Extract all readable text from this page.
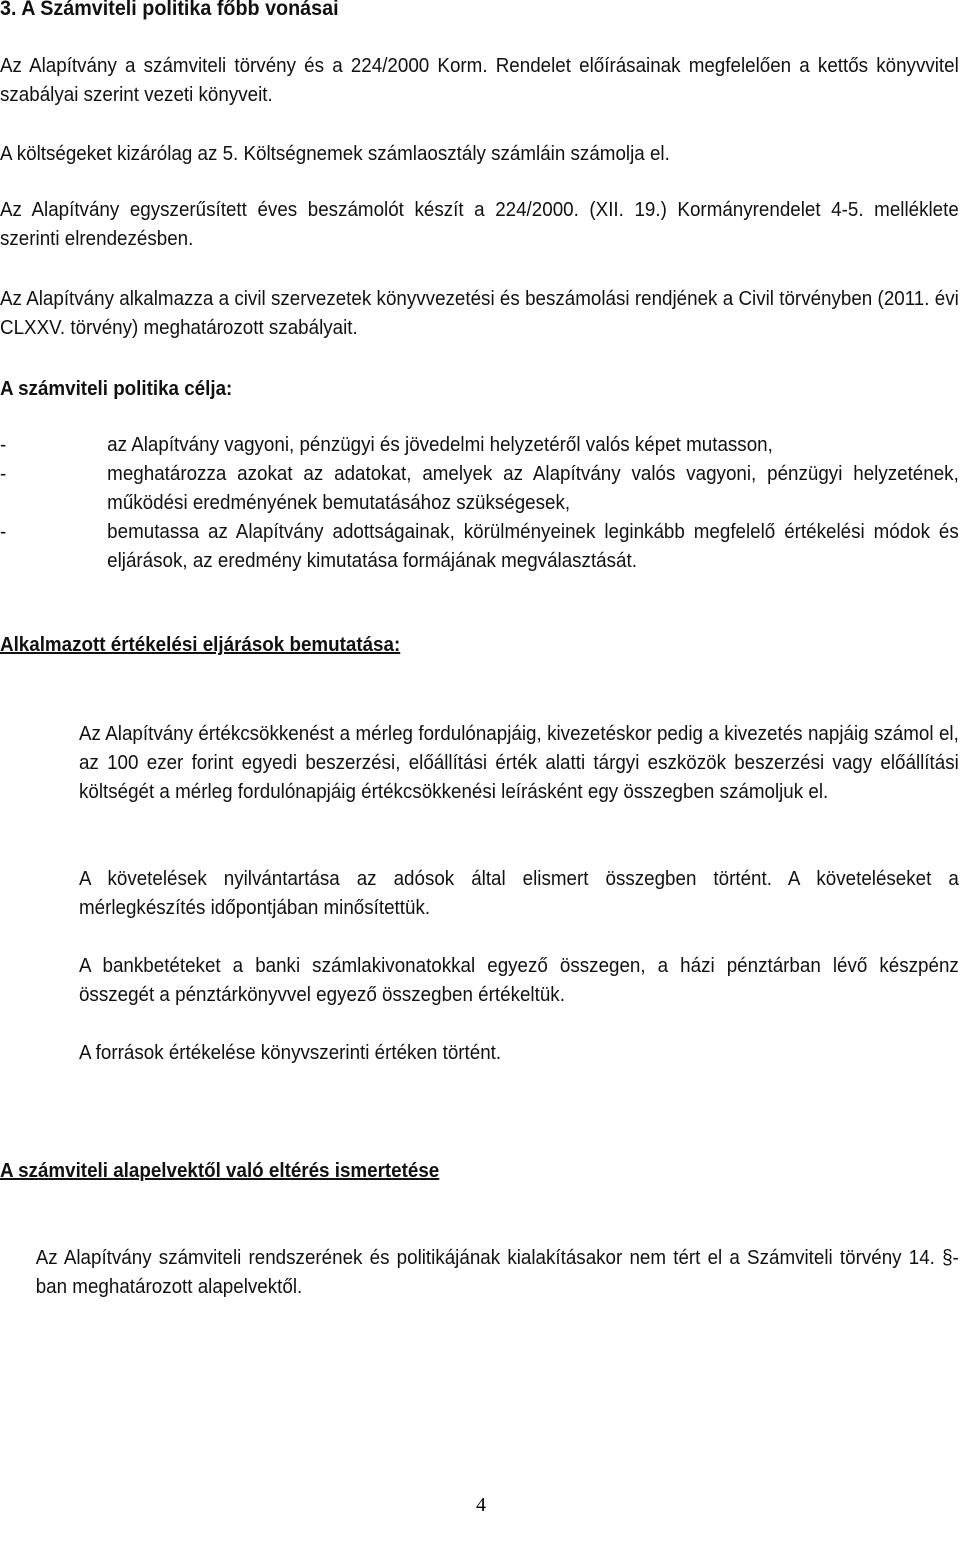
3. A Számviteli politika főbb vonásai

Az Alapítvány a számviteli törvény és a 224/2000 Korm. Rendelet előírásainak megfelelően a kettős könyvvitel szabályai szerint vezeti könyveit.

A költségeket kizárólag az 5. Költségnemek számlaosztály számláin számolja el.

Az Alapítvány egyszerűsített éves beszámolót készít a 224/2000. (XII. 19.) Kormányrendelet 4-5. melléklete szerinti elrendezésben.

Az Alapítvány alkalmazza a civil szervezetek könyvvezetési és beszámolási rendjének a Civil törvényben (2011. évi CLXXV. törvény) meghatározott szabályait.

A számviteli politika célja:
-	az Alapítvány vagyoni, pénzügyi és jövedelmi helyzetéről valós képet mutasson,
-	meghatározza azokat az adatokat, amelyek az Alapítvány valós vagyoni, pénzügyi helyzetének, működési eredményének bemutatásához szükségesek,
-	bemutassa az Alapítvány adottságainak, körülményeinek leginkább megfelelő értékelési módok és eljárások, az eredmény kimutatása formájának megválasztását.
Alkalmazott értékelési eljárások bemutatása:

Az Alapítvány értékcsökkenést a mérleg fordulónapjáig, kivezetéskor pedig a kivezetés napjáig számol el, az 100 ezer forint egyedi beszerzési, előállítási érték alatti tárgyi eszközök beszerzési vagy előállítási költségét a mérleg fordulónapjáig értékcsökkenési leírásként egy összegben számoljuk el.

A követelések nyilvántartása az adósok által elismert összegben történt. A követeléseket a mérlegkészítés időpontjában minősítettük.

A bankbetéteket a banki számlakivonatokkal egyező összegen, a házi pénztárban lévő készpénz összegét a pénztárkönyvvel egyező összegben értékeltük.

A források értékelése könyvszerinti értéken történt.

A számviteli alapelvektől való eltérés ismertetése

Az Alapítvány számviteli rendszerének és politikájának kialakításakor nem tért el a Számviteli törvény 14. §-ban meghatározott alapelvektől.

4
